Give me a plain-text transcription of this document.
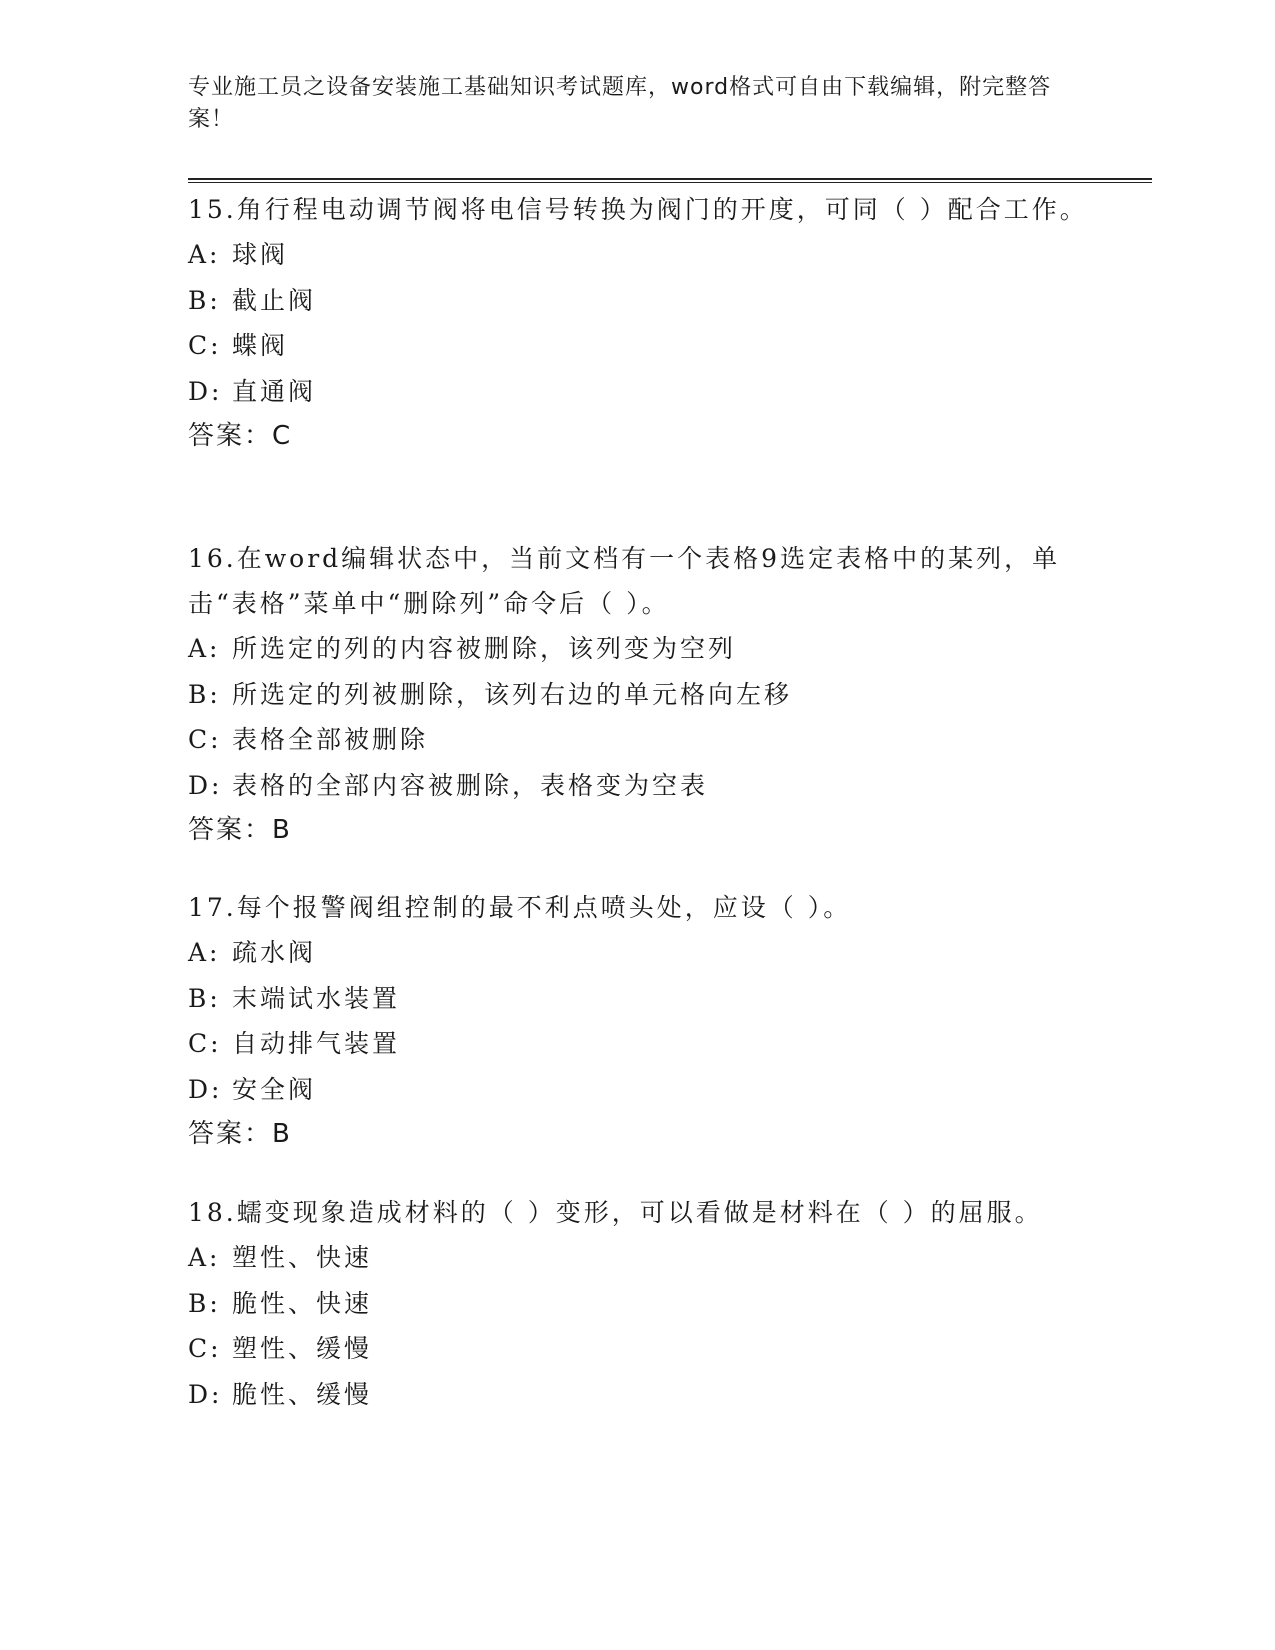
专业施工员之设备安装施工基础知识考试题库，word格式可自由下载编辑，附完整答案！

15.角行程电动调节阀将电信号转换为阀门的开度，可同（ ）配合工作。

A: 球阀

B: 截止阀

C: 蝶阀

D: 直通阀

答案：C

16.在word编辑状态中，当前文档有一个表格9选定表格中的某列，单击“表格”菜单中“删除列”命令后（ ）。

A: 所选定的列的内容被删除，该列变为空列

B: 所选定的列被删除，该列右边的单元格向左移

C: 表格全部被删除

D: 表格的全部内容被删除，表格变为空表

答案：B

17.每个报警阀组控制的最不利点喷头处，应设（ ）。

A: 疏水阀

B: 末端试水装置

C: 自动排气装置

D: 安全阀

答案：B

18.蠕变现象造成材料的（ ）变形，可以看做是材料在（ ）的屈服。

A: 塑性、快速

B: 脆性、快速

C: 塑性、缓慢

D: 脆性、缓慢
